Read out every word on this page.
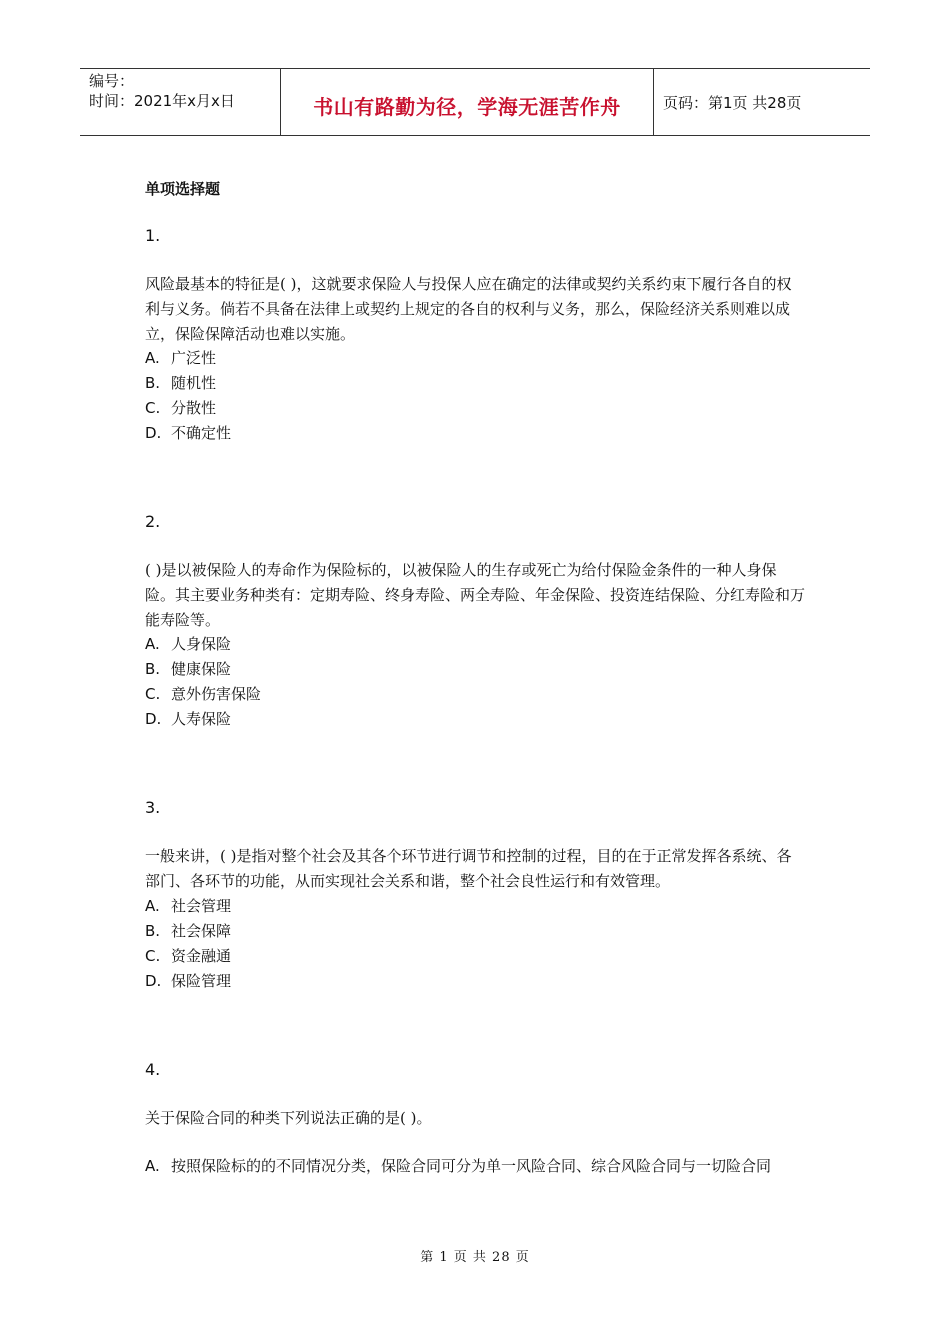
编号：
时间：2021年x月x日	书山有路勤为径，学海无涯苦作舟	页码：第1页 共28页
单项选择题
1.
风险最基本的特征是( )，这就要求保险人与投保人应在确定的法律或契约关系约束下履行各自的权利与义务。倘若不具备在法律上或契约上规定的各自的权利与义务，那么，保险经济关系则难以成立，保险保障活动也难以实施。
A. 广泛性
B. 随机性
C. 分散性
D. 不确定性
2.
( )是以被保险人的寿命作为保险标的，以被保险人的生存或死亡为给付保险金条件的一种人身保险。其主要业务种类有：定期寿险、终身寿险、两全寿险、年金保险、投资连结保险、分红寿险和万能寿险等。
A. 人身保险
B. 健康保险
C. 意外伤害保险
D. 人寿保险
3.
一般来讲，( )是指对整个社会及其各个环节进行调节和控制的过程，目的在于正常发挥各系统、各部门、各环节的功能，从而实现社会关系和谐，整个社会良性运行和有效管理。
A. 社会管理
B. 社会保障
C. 资金融通
D. 保险管理
4.
关于保险合同的种类下列说法正确的是( )。
A. 按照保险标的的不同情况分类，保险合同可分为单一风险合同、综合风险合同与一切险合同
第 1 页 共 28 页
